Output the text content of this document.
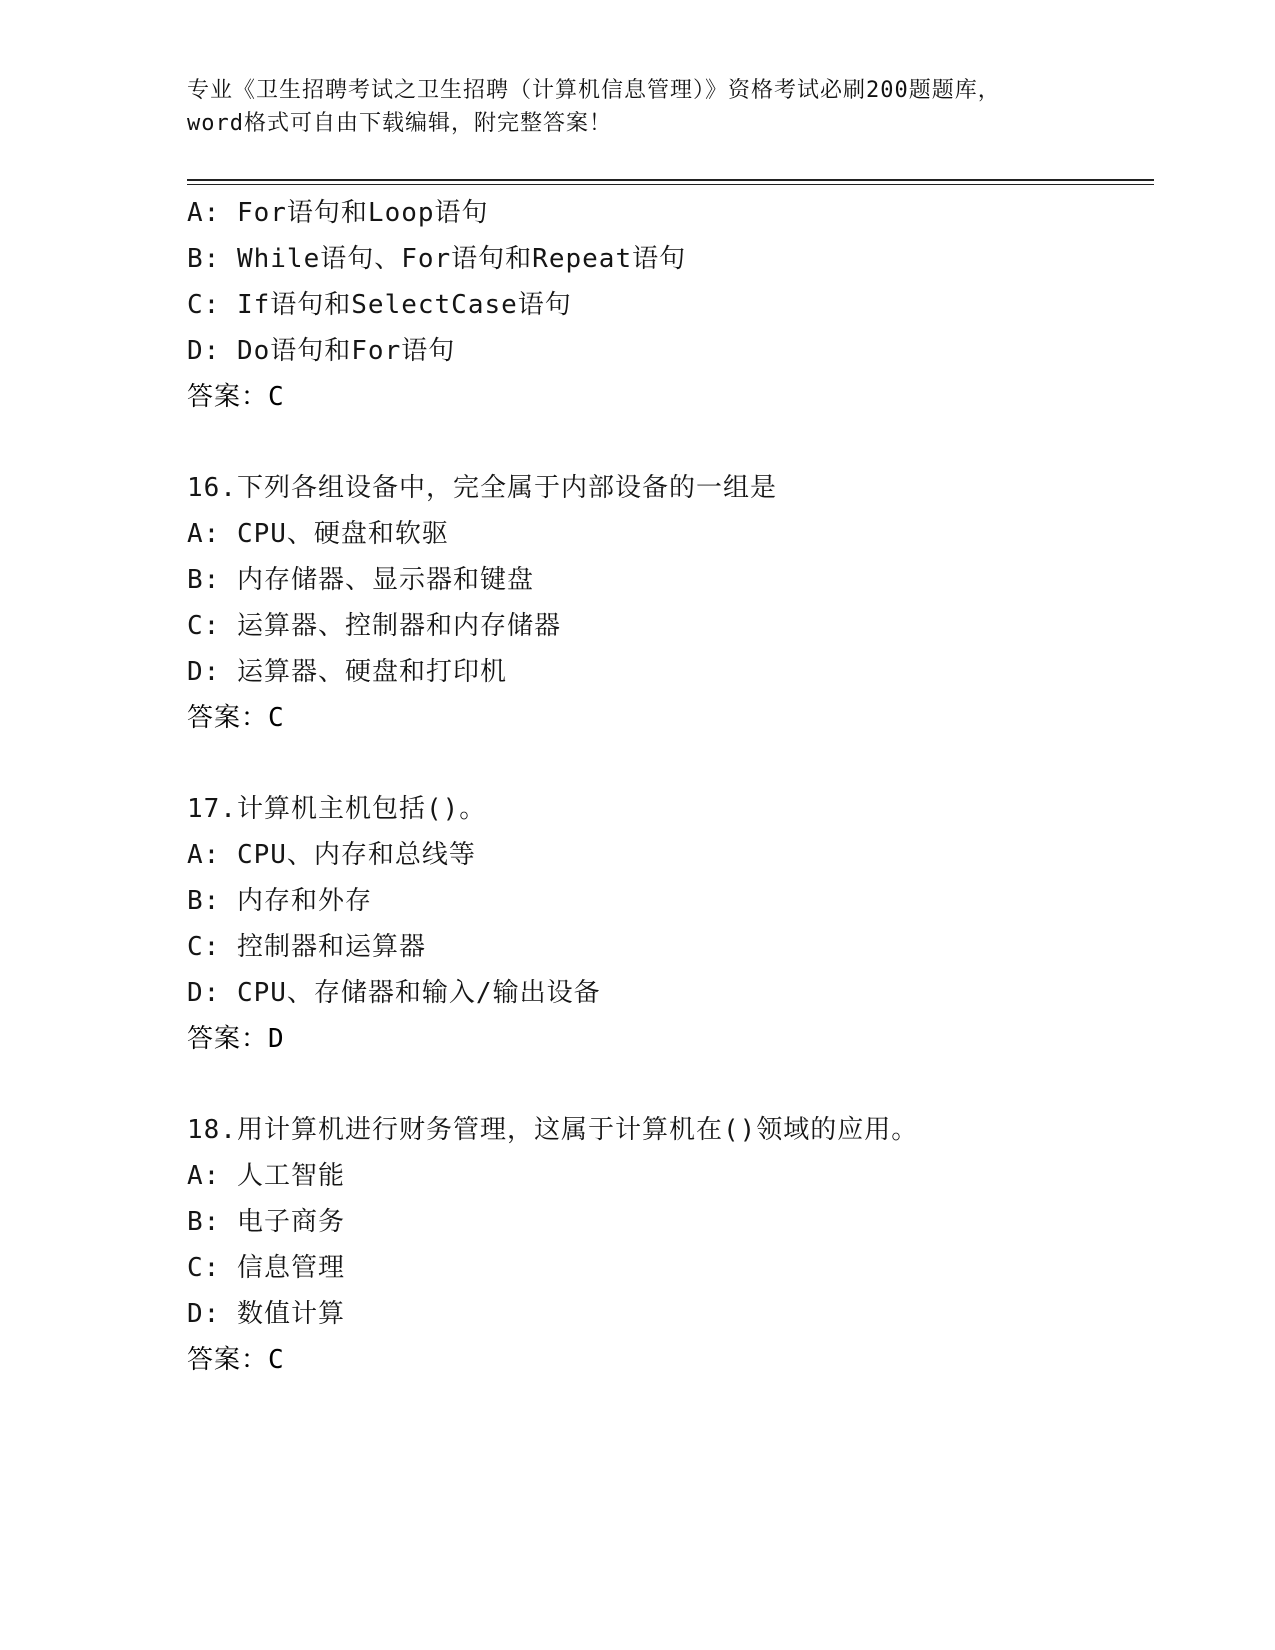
专业《卫生招聘考试之卫生招聘（计算机信息管理）》资格考试必刷200题题库，
word格式可自由下载编辑，附完整答案！
A: For语句和Loop语句
B: While语句、For语句和Repeat语句
C: If语句和SelectCase语句
D: Do语句和For语句
答案：C
16.下列各组设备中，完全属于内部设备的一组是
A: CPU、硬盘和软驱
B: 内存储器、显示器和键盘
C: 运算器、控制器和内存储器
D: 运算器、硬盘和打印机
答案：C
17.计算机主机包括()。
A: CPU、内存和总线等
B: 内存和外存
C: 控制器和运算器
D: CPU、存储器和输入/输出设备
答案：D
18.用计算机进行财务管理，这属于计算机在()领域的应用。
A: 人工智能
B: 电子商务
C: 信息管理
D: 数值计算
答案：C
